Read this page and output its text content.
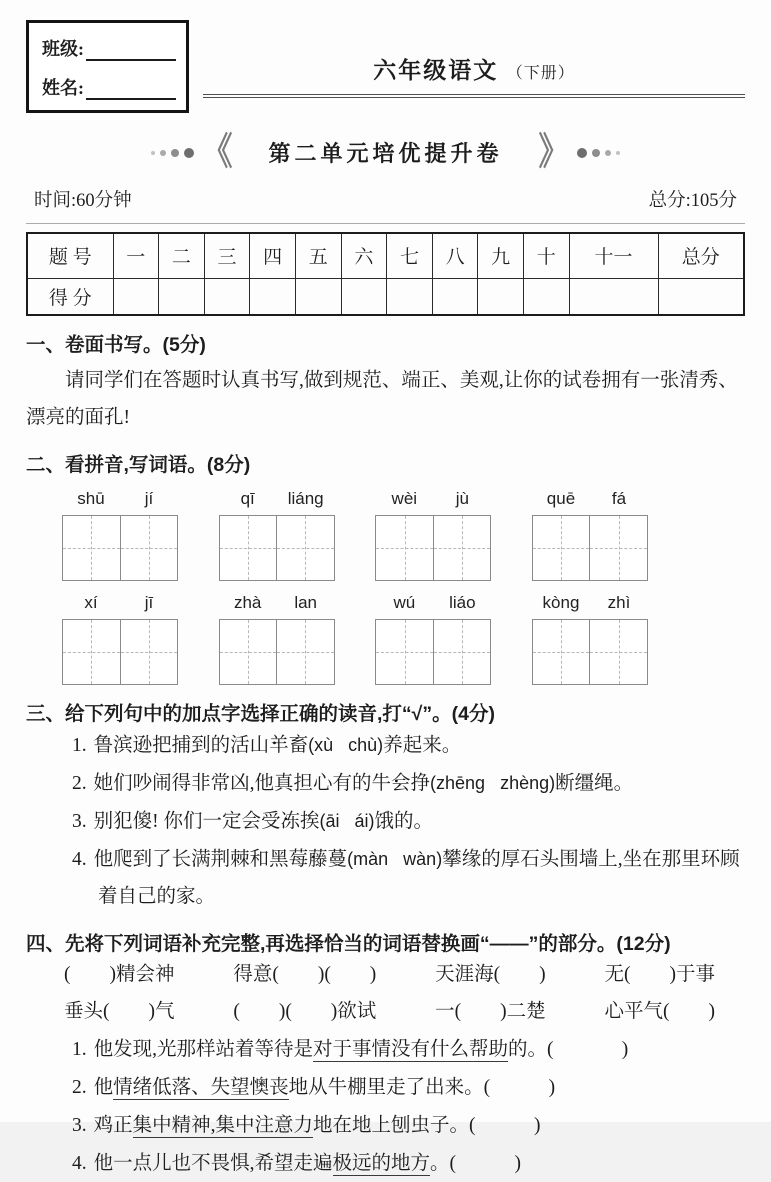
班级:
姓名:
六年级语文 （下册）
《	第二单元培优提升卷	》
时间:60分钟	总分:105分
题 号	一	二	三	四	五	六	七	八	九	十	十一	总分
得 分												
一、卷面书写。(5分)

请同学们在答题时认真书写,做到规范、端正、美观,让你的试卷拥有一张清秀、漂亮的面孔!

二、看拼音,写词语。(8分)
shū	jí	qī	liáng	wèi	jù	quē	fá
xí	jī	zhà	lan	wú	liáo	kòng	zhì
三、给下列句中的加点字选择正确的读音,打“√”。(4分)

1. 鲁滨逊把捕到的活山羊畜 •(xù   chù)养起来。

2. 她们吵闹得非常凶,他真担心有的牛会挣 •(zhēng   zhèng)断缰绳。

3. 别犯傻! 你们一定会受冻挨 •(āi   ái)饿的。

4. 他爬到了长满荆棘和黑莓藤蔓 •(màn   wàn)攀缘的厚石头围墙上,坐在那里环顾着自己的家。

四、先将下列词语补充完整,再选择恰当的词语替换画“——”的部分。(12分)
(        )精会神	得意(        )(        )	天涯海(        )	无(        )于事
垂头(        )气	(        )(        )欲试	一(        )二楚	心平气(        )

1. 他发现,光那样站着等待是对于事情没有什么帮助的。(              )

2. 他情绪低落、失望懊丧地从牛棚里走了出来。(            )

3. 鸡正集中精神,集中注意力地在地上刨虫子。(            )

4. 他一点儿也不畏惧,希望走遍极远的地方。(            )
